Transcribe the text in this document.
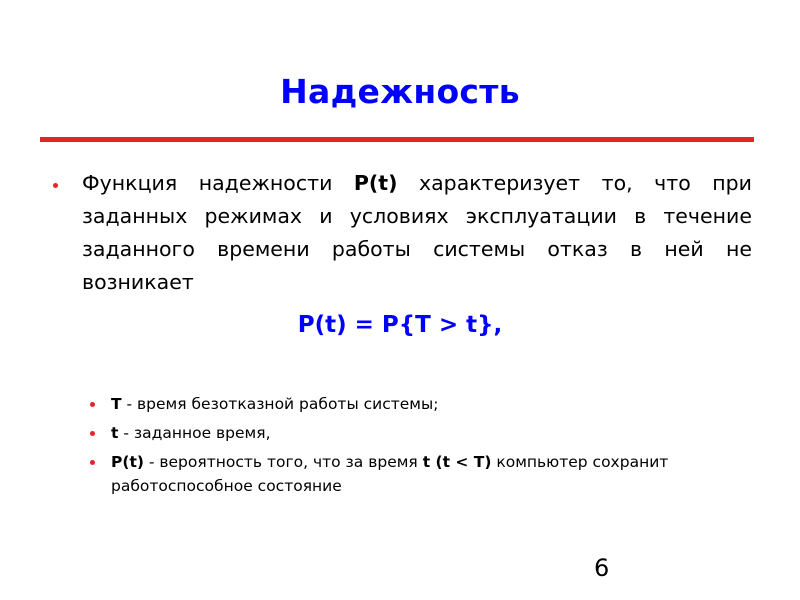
Надежность
Функция надежности P(t) характеризует то, что при заданных режимах и условиях эксплуатации в течение заданного времени работы системы отказ в ней не возникает
P(t) = P{T > t},
T - время безотказной работы системы;
t - заданное время,
P(t) - вероятность того, что за время t (t < T) компьютер сохранит работоспособное состояние
6
